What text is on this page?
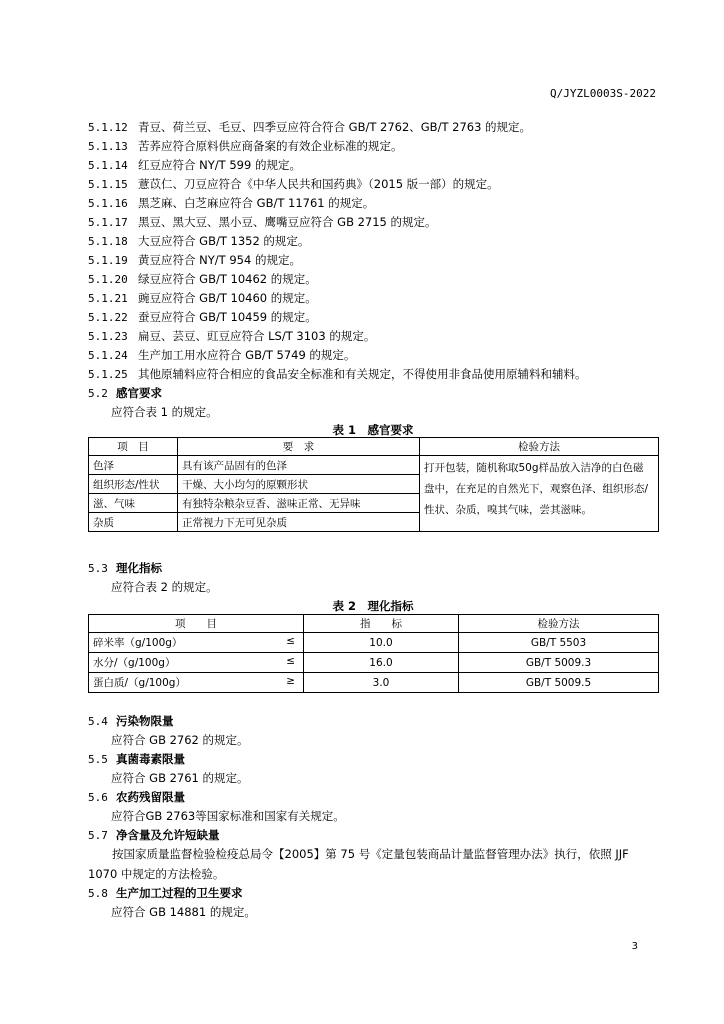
Q/JYZL0003S-2022
5.1.12 青豆、荷兰豆、毛豆、四季豆应符合符合 GB/T 2762、GB/T 2763 的规定。
5.1.13 苦荞应符合原料供应商备案的有效企业标准的规定。
5.1.14 红豆应符合 NY/T 599 的规定。
5.1.15 薏苡仁、刀豆应符合《中华人民共和国药典》（2015 版一部）的规定。
5.1.16 黑芝麻、白芝麻应符合 GB/T 11761 的规定。
5.1.17 黑豆、黑大豆、黑小豆、鹰嘴豆应符合 GB 2715 的规定。
5.1.18 大豆应符合 GB/T 1352 的规定。
5.1.19 黄豆应符合 NY/T 954 的规定。
5.1.20 绿豆应符合 GB/T 10462 的规定。
5.1.21 豌豆应符合 GB/T 10460 的规定。
5.1.22 蚕豆应符合 GB/T 10459 的规定。
5.1.23 扁豆、芸豆、豇豆应符合 LS/T 3103 的规定。
5.1.24 生产加工用水应符合 GB/T 5749 的规定。
5.1.25 其他原辅料应符合相应的食品安全标准和有关规定，不得使用非食品使用原辅料和辅料。
5.2 感官要求
应符合表 1 的规定。
表 1　感官要求
项　目	要　求	检验方法
色泽	具有该产品固有的色泽	打开包装，随机称取50g样品放入洁净的白色磁盘中，在充足的自然光下，观察色泽、组织形态/性状、杂质，嗅其气味，尝其滋味。
组织形态/性状	干燥、大小均匀的原颗形状	
滋、气味	有独特杂粮杂豆香、滋味正常、无异味	
杂质	正常视力下无可见杂质	
5.3 理化指标
应符合表 2 的规定。
表 2　理化指标
项　　目	指　　标	检验方法
碎米率（g/100g） ≤	10.0	GB/T 5503
水分/（g/100g） ≤	16.0	GB/T 5009.3
蛋白质/（g/100g） ≥	3.0	GB/T 5009.5
5.4 污染物限量
应符合 GB 2762 的规定。
5.5 真菌毒素限量
应符合 GB 2761 的规定。
5.6 农药残留限量
应符合GB 2763等国家标准和国家有关规定。
5.7 净含量及允许短缺量
按国家质量监督检验检疫总局令【2005】第 75 号《定量包装商品计量监督管理办法》执行，依照 JJF 1070 中规定的方法检验。
5.8 生产加工过程的卫生要求
应符合 GB 14881 的规定。
3
